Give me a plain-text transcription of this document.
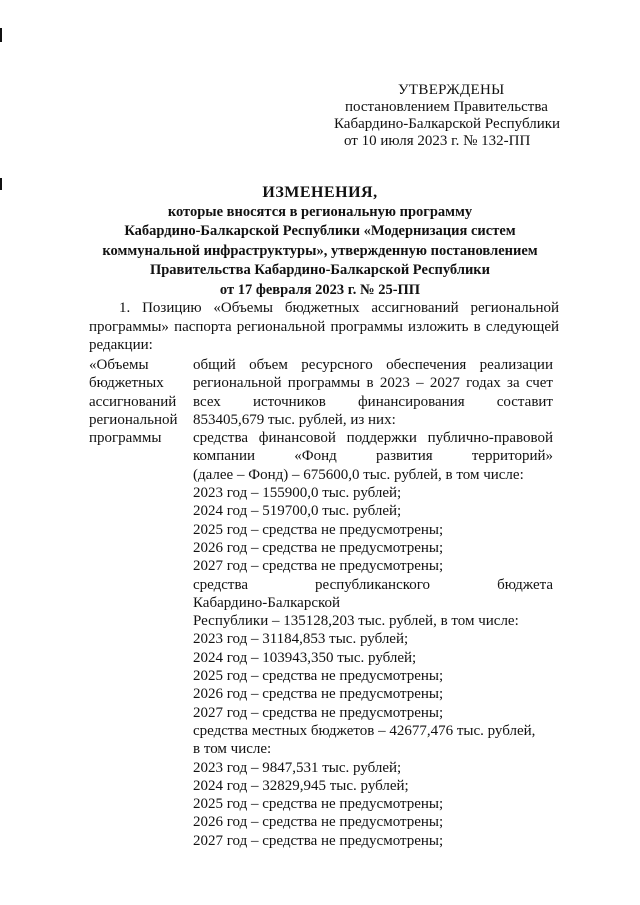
УТВЕРЖДЕНЫ
постановлением Правительства
Кабардино-Балкарской Республики
от 10 июля 2023 г. № 132-ПП
ИЗМЕНЕНИЯ,
которые вносятся в региональную программу
Кабардино-Балкарской Республики «Модернизация систем
коммунальной инфраструктуры», утвержденную постановлением
Правительства Кабардино-Балкарской Республики
от 17 февраля 2023 г. № 25-ПП
1. Позицию «Объемы бюджетных ассигнований региональной
программы» паспорта региональной программы изложить в следующей
редакции:
«Объемы
бюджетных
ассигнований
региональной
программы
общий объем ресурсного обеспечения реализации
региональной программы в 2023 – 2027 годах за счет
всех источников финансирования составит
853405,679 тыс. рублей, из них:
средства финансовой поддержки публично-правовой
компании «Фонд развития территорий»
(далее – Фонд) – 675600,0 тыс. рублей, в том числе:
2023 год – 155900,0 тыс. рублей;
2024 год – 519700,0 тыс. рублей;
2025 год – средства не предусмотрены;
2026 год – средства не предусмотрены;
2027 год – средства не предусмотрены;
средства республиканского бюджета
Кабардино-Балкарской
Республики – 135128,203 тыс. рублей, в том числе:
2023 год – 31184,853 тыс. рублей;
2024 год – 103943,350 тыс. рублей;
2025 год – средства не предусмотрены;
2026 год – средства не предусмотрены;
2027 год – средства не предусмотрены;
средства местных бюджетов – 42677,476 тыс. рублей,
в том числе:
2023 год – 9847,531 тыс. рублей;
2024 год – 32829,945 тыс. рублей;
2025 год – средства не предусмотрены;
2026 год – средства не предусмотрены;
2027 год – средства не предусмотрены;
